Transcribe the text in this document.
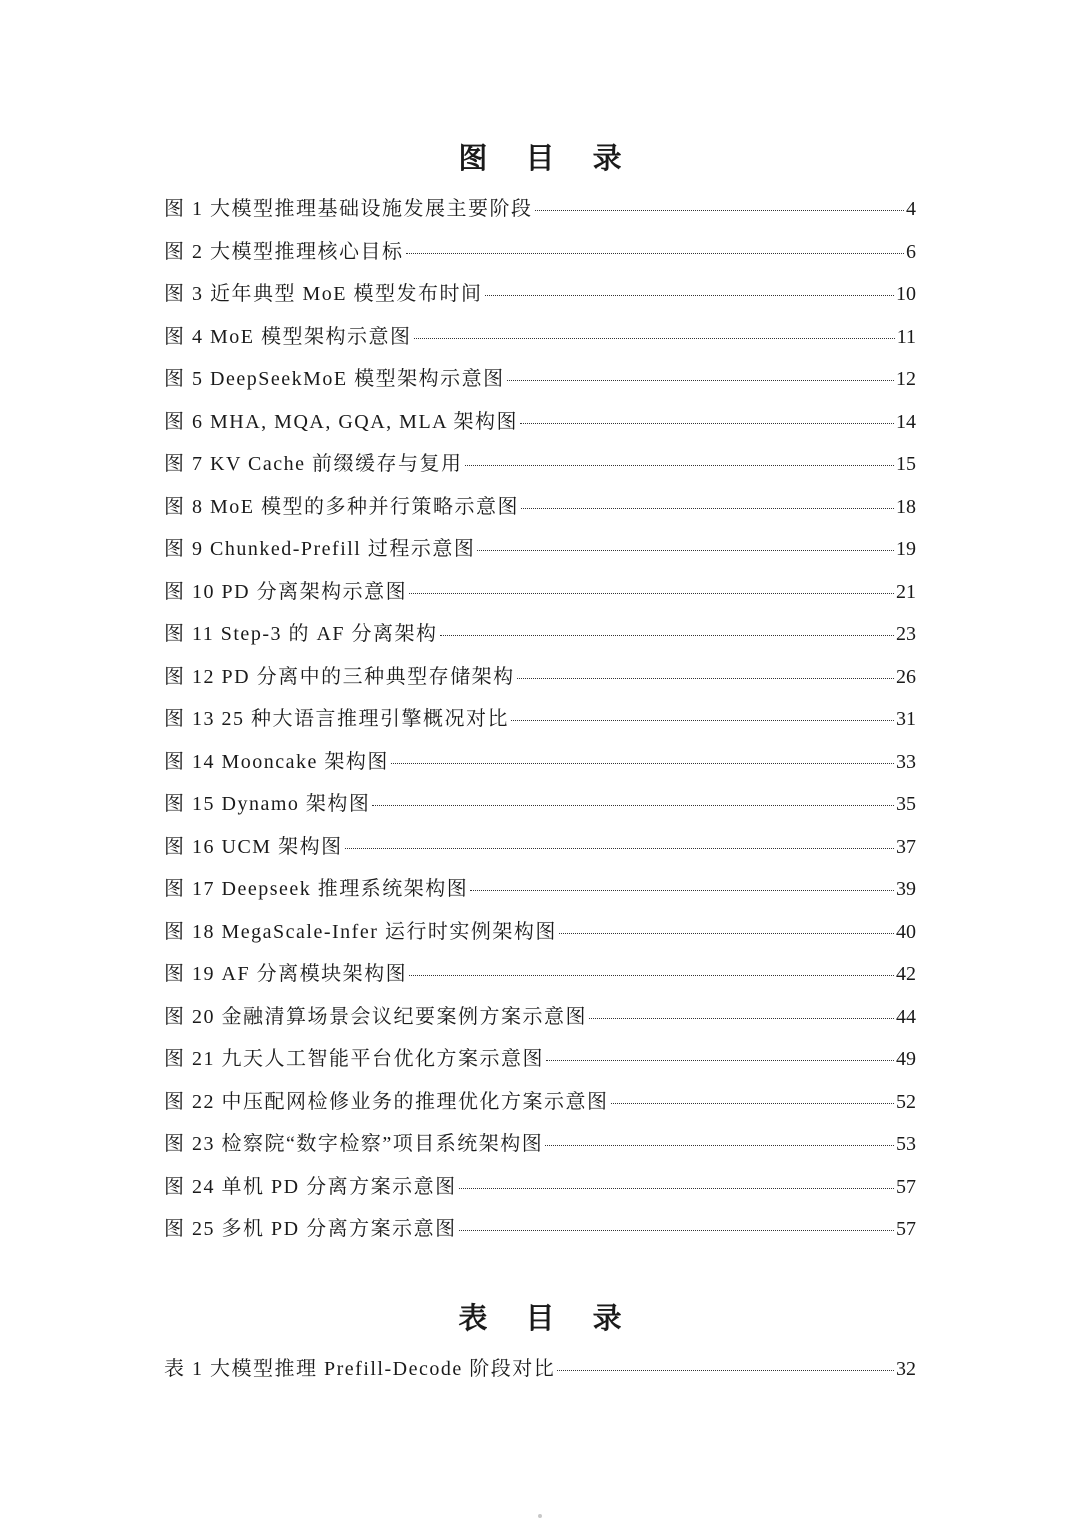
图 目 录
图 1 大模型推理基础设施发展主要阶段	4
图 2 大模型推理核心目标	6
图 3 近年典型 MoE 模型发布时间	10
图 4 MoE 模型架构示意图	11
图 5 DeepSeekMoE 模型架构示意图	12
图 6 MHA, MQA, GQA, MLA 架构图	14
图 7 KV Cache 前缀缓存与复用	15
图 8 MoE 模型的多种并行策略示意图	18
图 9 Chunked-Prefill 过程示意图	19
图 10 PD 分离架构示意图	21
图 11 Step-3 的 AF 分离架构	23
图 12 PD 分离中的三种典型存储架构	26
图 13 25 种大语言推理引擎概况对比	31
图 14 Mooncake 架构图	33
图 15 Dynamo 架构图	35
图 16 UCM 架构图	37
图 17 Deepseek 推理系统架构图	39
图 18 MegaScale-Infer 运行时实例架构图	40
图 19 AF 分离模块架构图	42
图 20 金融清算场景会议纪要案例方案示意图	44
图 21 九天人工智能平台优化方案示意图	49
图 22 中压配网检修业务的推理优化方案示意图	52
图 23 检察院“数字检察”项目系统架构图	53
图 24 单机 PD 分离方案示意图	57
图 25 多机 PD 分离方案示意图	57
表 目 录
表 1 大模型推理 Prefill-Decode 阶段对比	32
